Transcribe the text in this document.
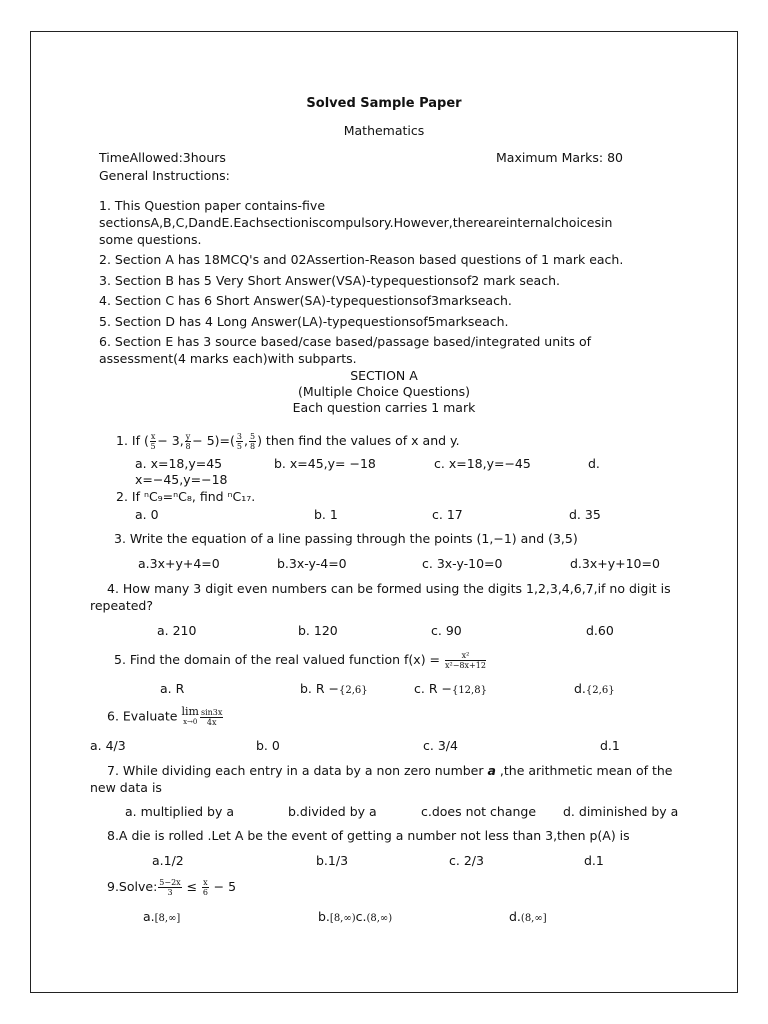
Solved Sample Paper
Mathematics
TimeAllowed:3hours	Maximum Marks: 80
General Instructions:
1. This Question paper contains-five
sectionsA,B,C,DandE.Eachsectioniscompulsory.However,thereareinternalchoicesin
some questions.
2. Section A has 18MCQ's and 02Assertion-Reason based questions of 1 mark each.
3. Section B has 5 Very Short Answer(VSA)-typequestionsof2 mark seach.
4. Section C has 6 Short Answer(SA)-typequestionsof3markseach.
5. Section D has 4 Long Answer(LA)-typequestionsof5markseach.
6. Section E has 3 source based/case based/passage based/integrated units of
assessment(4 marks each)with subparts.
SECTION A
(Multiple Choice Questions)
Each question carries 1 mark
1. If ( $\frac{x}{5} - 3$, $\frac{y}{8} - 5)=( \frac{3}{5}$ , $\frac{5}{8}$ ) then find the values of x and y.
a. x=18,y=45	b. x=45,y= −18	c. x=18,y=−45	d.
x=−45,y=−18
2. If ⁿC₉=ⁿC₈, find ⁿC₁₇.
a. 0	b. 1	c. 17	d. 35
3. Write the equation of a line passing through the points (1,−1) and (3,5)
a.3x+y+4=0	b.3x-y-4=0	c. 3x-y-10=0	d.3x+y+10=0
4. How many 3 digit even numbers can be formed using the digits 1,2,3,4,6,7,if no digit is
repeated?
a. 210	b. 120	c. 90	d.60
5. Find the domain of the real valued function $f(x) = \frac{\text{x²}}{\text{x²−8x+12}}$
a. R	b. R −{2,6}	c. R −{12,8}	d.{2,6}
6. Evaluate lim
$x\to 0 \frac{\sin 3x}{4x}$
a. 4/3	b. 0	c. 3/4	d.1
7. While dividing each entry in a data by a non zero number a ,the arithmetic mean of the
new data is
a. multiplied by a	b.divided by a	c.does not change d. diminished by a
8.A die is rolled .Let A be the event of getting a number not less than 3,then p(A) is
a.1/2	b.1/3	c. 2/3	d.1
9.Solve: $\frac{5-2x}{3} \le \frac{x}{6} - 5$
a.[8,∞]	b.[8,∞)c.(8,∞)	d.(8,∞]
